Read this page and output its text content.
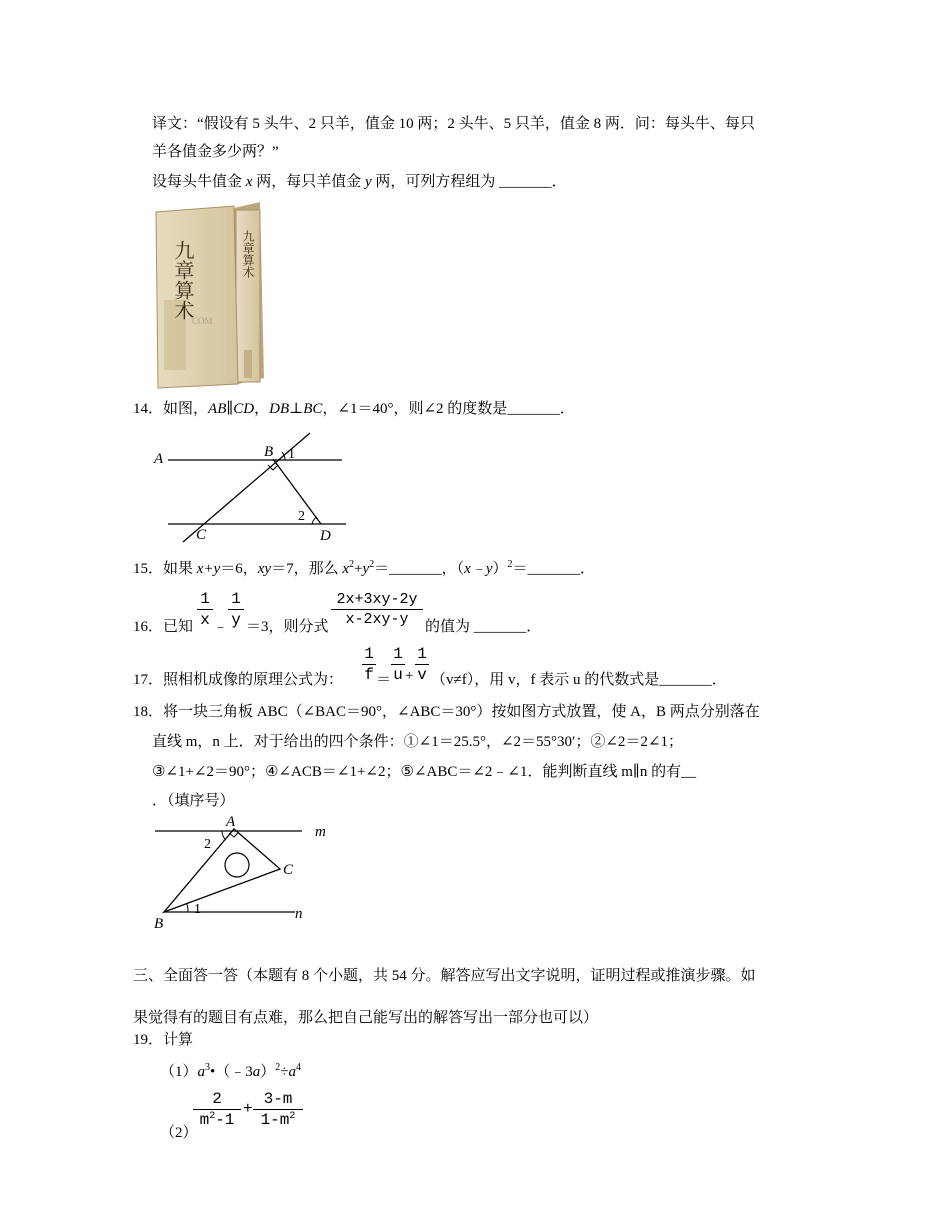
译文：“假设有 5 头牛、2 只羊，值金 10 两；2 头牛、5 只羊，值金 8 两．问：每头牛、每只
羊各值金多少两？”
设每头牛值金 x 两，每只羊值金 y 两，可列方程组为 _______．
九章算术	九章算术
COM
14．如图，AB∥CD，DB⊥BC，∠1＝40°，则∠2 的度数是_______．
A	B
C	D
1
2
15．如果 x+y＝6，xy＝7，那么 $x^2+y^2=\_\_\_\_\_\_\_$，（x﹣y）$^2$＝_______．
16．已知 $\frac{1}{x}$ ﹣ $\frac{1}{y} =3$，则分式 $\frac{2x+3xy-2y}{x-2xy-y}$ 的值为 _______．
17．照相机成像的原理公式为： $\frac{1}{f} = \frac{1}{u} + \frac{1}{v} (v\ne f)$，用 v，f 表示 u 的代数式是_______．
18．将一块三角板 ABC（∠BAC＝90°，∠ABC＝30°）按如图方式放置，使 A，B 两点分别落在
直线 m，n 上．对于给出的四个条件：①∠1＝25.5°，∠2＝55°30′；②∠2＝2∠1；
③∠1+∠2＝90°；④∠ACB＝∠1+∠2；⑤∠ABC＝∠2﹣∠1．能判断直线 m∥n 的有__
．（填序号）
A
C
B
m
n
2
1
三、全面答一答（本题有 8 个小题，共 54 分。解答应写出文字说明，证明过程或推演步骤。如
果觉得有的题目有点难，那么把自己能写出的解答写出一部分也可以）
19．计算
$(1)a^3•(﹣3a)^2\div a^4$
（2）
$\frac{2}{m^2-1} + \frac{3-m}{1-m^2}$
